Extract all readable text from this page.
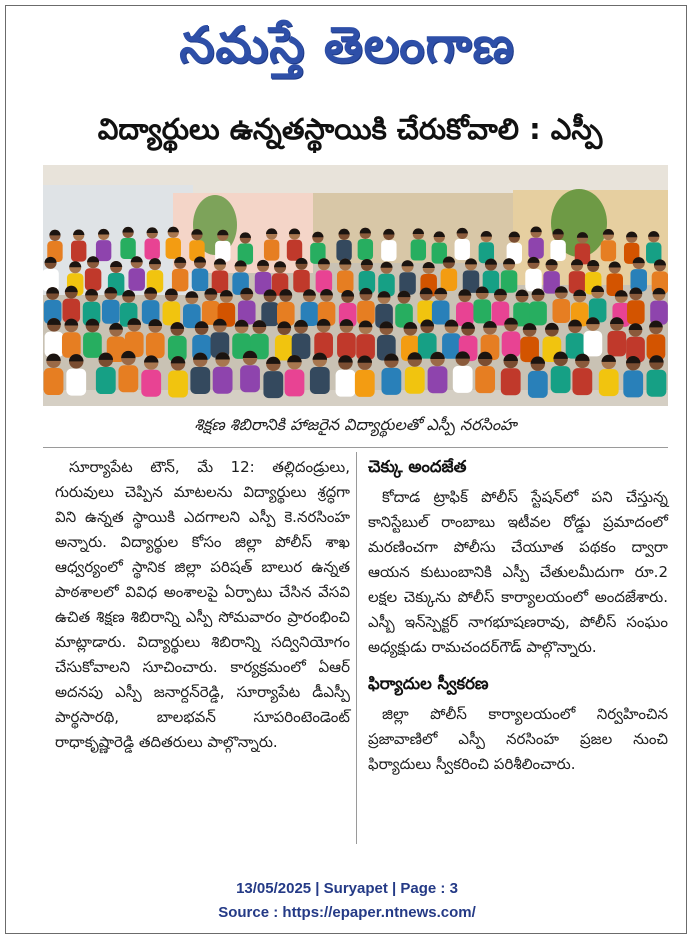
నమస్తే తెలంగాణ
విద్యార్థులు ఉన్నతస్థాయికి చేరుకోవాలి : ఎస్పీ
శిక్షణ శిబిరానికి హాజరైన విద్యార్థులతో ఎస్పీ నరసింహ

సూర్యాపేట టౌన్, మే 12: తల్లిదండ్రులు, గురువులు చెప్పిన మాటలను విద్యార్థులు శ్రద్ధగా విని ఉన్నత స్థాయికి ఎదగాలని ఎస్పీ కె.నరసింహ అన్నారు. విద్యార్థుల కోసం జిల్లా పోలీస్ శాఖ ఆధ్వర్యంలో స్థానిక జిల్లా పరిషత్ బాలుర ఉన్నత పాఠశాలలో వివిధ అంశాలపై ఏర్పాటు చేసిన వేసవి ఉచిత శిక్షణ శిబిరాన్ని ఎస్పీ సోమవారం ప్రారంభించి మాట్లాడారు. విద్యార్థులు శిబిరాన్ని సద్వినియోగం చేసుకోవాలని సూచించారు. కార్యక్రమంలో ఏఆర్ అదనపు ఎస్పీ జనార్దన్‌రెడ్డి, సూర్యాపేట డీఎస్పీ పార్థసారథి, బాలభవన్ సూపరింటెండెంట్ రాధాకృష్ణారెడ్డి తదితరులు పాల్గొన్నారు.

చెక్కు అందజేత

కోదాడ ట్రాఫిక్ పోలీస్ స్టేషన్‌లో పని చేస్తున్న కానిస్టేబుల్ రాంబాబు ఇటీవల రోడ్డు ప్రమాదంలో మరణించగా పోలీసు చేయూత పథకం ద్వారా ఆయన కుటుంబానికి ఎస్పీ చేతులమీదుగా రూ.2 లక్షల చెక్కును పోలీస్ కార్యాలయంలో అందజేశారు. ఎస్బీ ఇన్‌స్పెక్టర్ నాగభూషణరావు, పోలీస్ సంఘం అధ్యక్షుడు రామచందర్‌గౌడ్ పాల్గొన్నారు.

ఫిర్యాదుల స్వీకరణ

జిల్లా పోలీస్ కార్యాలయంలో నిర్వహించిన ప్రజావాణిలో ఎస్పీ నరసింహ ప్రజల నుంచి ఫిర్యాదులు స్వీకరించి పరిశీలించారు.

13/05/2025 | Suryapet | Page : 3
Source : https://epaper.ntnews.com/
